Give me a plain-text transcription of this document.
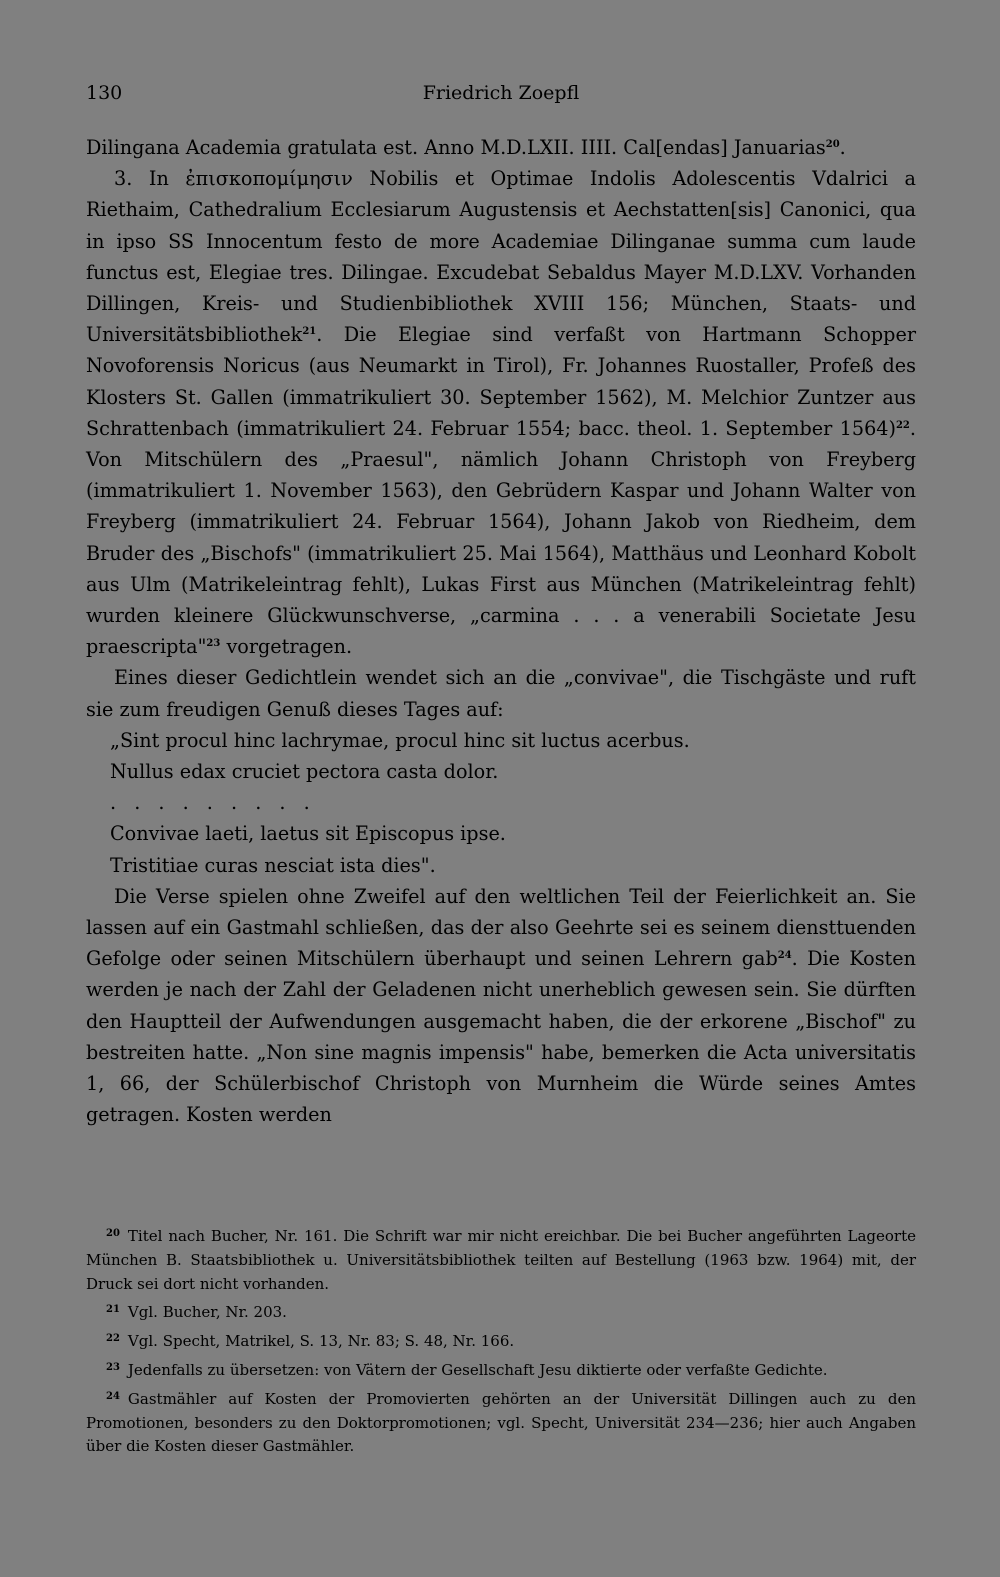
130	Friedrich Zoepfl

Dilingana Academia gratulata est. Anno M.D.LXII. IIII. Cal[endas] Januarias$^{20}$.

3. In ἐπισκοπομίμησιν Nobilis et Optimae Indolis Adolescentis Vdalrici a Riethaim, Cathedralium Ecclesiarum Augustensis et Aechstatten[sis] Canonici, qua in ipso SS Innocentum festo de more Academiae Dilinganae summa cum laude functus est, Elegiae tres. Dilingae. Excudebat Sebaldus Mayer M.D.LXV. Vorhanden Dillingen, Kreis- und Studienbibliothek XVIII 156; München, Staats- und Universitätsbibliothek$^{21}$. Die Elegiae sind verfaßt von Hartmann Schopper Novoforensis Noricus (aus Neumarkt in Tirol), Fr. Johannes Ruostaller, Profeß des Klosters St. Gallen (immatrikuliert 30. September 1562), M. Melchior Zuntzer aus Schrattenbach (immatrikuliert 24. Februar 1554; bacc. theol. 1. September 1564)$^{22}$. Von Mitschülern des „Praesul", nämlich Johann Christoph von Freyberg (immatrikuliert 1. November 1563), den Gebrüdern Kaspar und Johann Walter von Freyberg (immatrikuliert 24. Februar 1564), Johann Jakob von Riedheim, dem Bruder des „Bischofs" (immatrikuliert 25. Mai 1564), Matthäus und Leonhard Kobolt aus Ulm (Matrikeleintrag fehlt), Lukas First aus München (Matrikeleintrag fehlt) wurden kleinere Glückwunschverse, „carmina . . . a venerabili Societate Jesu praescripta"$^{23}$ vorgetragen.

Eines dieser Gedichtlein wendet sich an die „convivae", die Tischgäste und ruft sie zum freudigen Genuß dieses Tages auf:

„Sint procul hinc lachrymae, procul hinc sit luctus acerbus.
Nullus edax cruciet pectora casta dolor.
. . . . . . . . .
Convivae laeti, laetus sit Episcopus ipse.
Tristitiae curas nesciat ista dies".

Die Verse spielen ohne Zweifel auf den weltlichen Teil der Feierlichkeit an. Sie lassen auf ein Gastmahl schließen, das der also Geehrte sei es seinem diensttuenden Gefolge oder seinen Mitschülern überhaupt und seinen Lehrern gab$^{24}$. Die Kosten werden je nach der Zahl der Geladenen nicht unerheblich gewesen sein. Sie dürften den Hauptteil der Aufwendungen ausgemacht haben, die der erkorene „Bischof" zu bestreiten hatte. „Non sine magnis impensis" habe, bemerken die Acta universitatis 1, 66, der Schülerbischof Christoph von Murnheim die Würde seines Amtes getragen. Kosten werden

$^{20}$ Titel nach Bucher, Nr. 161. Die Schrift war mir nicht ereichbar. Die bei Bucher angeführten Lageorte München B. Staatsbibliothek u. Universitätsbibliothek teilten auf Bestellung (1963 bzw. 1964) mit, der Druck sei dort nicht vorhanden.

$^{21}$ Vgl. Bucher, Nr. 203.

$^{22}$ Vgl. Specht, Matrikel, S. 13, Nr. 83; S. 48, Nr. 166.

$^{23}$ Jedenfalls zu übersetzen: von Vätern der Gesellschaft Jesu diktierte oder verfaßte Gedichte.

$^{24}$ Gastmähler auf Kosten der Promovierten gehörten an der Universität Dillingen auch zu den Promotionen, besonders zu den Doktorpromotionen; vgl. Specht, Universität 234—236; hier auch Angaben über die Kosten dieser Gastmähler.
